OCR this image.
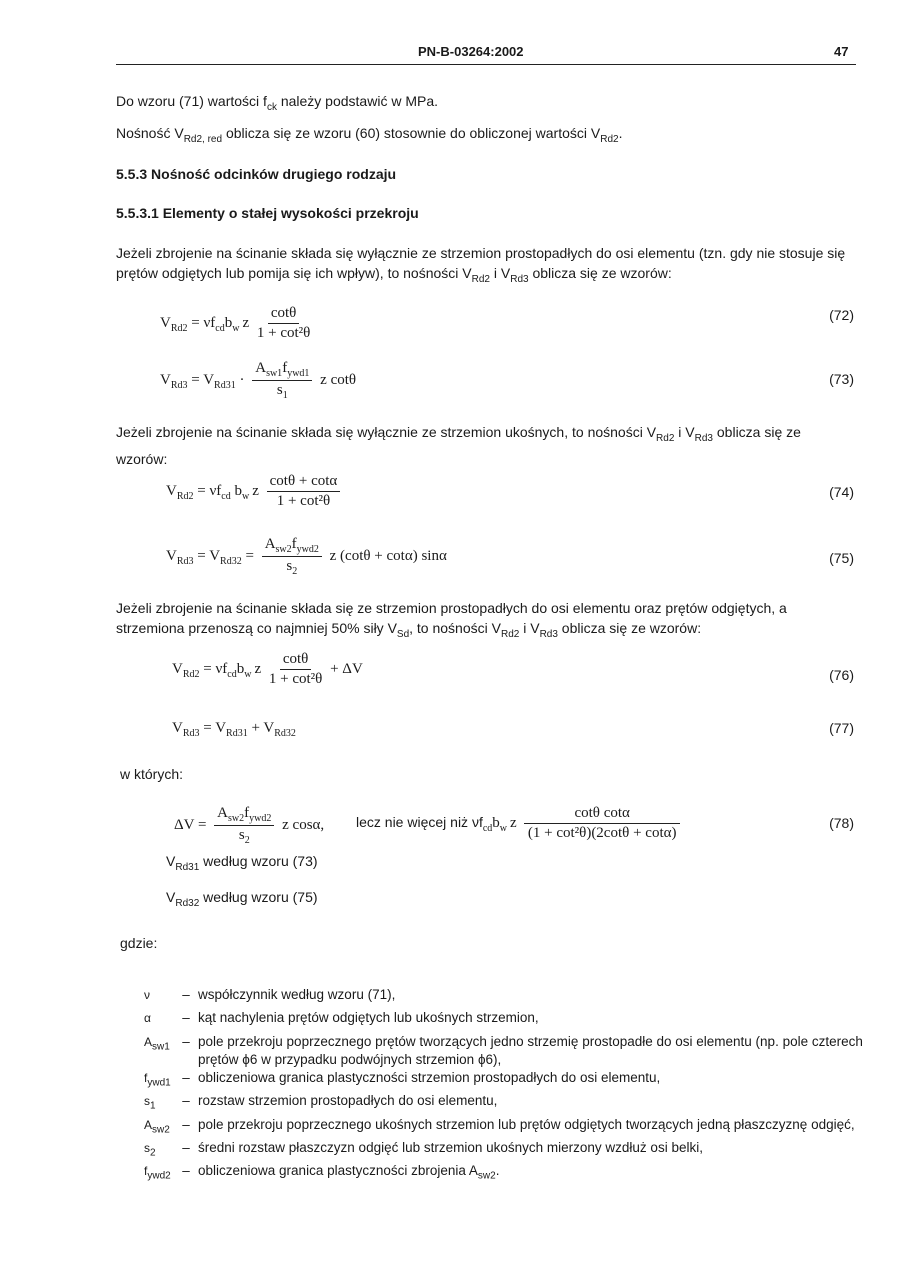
PN-B-03264:2002	47
Do wzoru (71) wartości $f_{ck}$ należy podstawić w MPa.
Nośność $V_{Rd2, red}$ oblicza się ze wzoru (60) stosownie do obliczonej wartości $V_{Rd2}$.
5.5.3 Nośność odcinków drugiego rodzaju
5.5.3.1 Elementy o stałej wysokości przekroju
Jeżeli zbrojenie na ścinanie składa się wyłącznie ze strzemion prostopadłych do osi elementu (tzn. gdy nie stosuje się prętów odgiętych lub pomija się ich wpływ), to nośności $V_{Rd2}$ i $V_{Rd3}$ oblicza się ze wzorów:
$V_{Rd2} = \nu f_{cd}b_w$ z $\frac{\cot\theta}{\text{1 + cot²θ}}$	(72)
$V_{Rd3} = V_{Rd31} \cdot \frac{A_{sw1}f_{ywd1}}{s_1}$ z cotθ	(73)
Jeżeli zbrojenie na ścinanie składa się wyłącznie ze strzemion ukośnych, to nośności $V_{Rd2}$ i $V_{Rd3}$ oblicza się ze wzorów:
$V_{Rd2} = \nu f_{cd}$ $b_w$ z $\frac{\cot\theta + \cot\alpha}{\text{1 + cot²θ}}$	(74)
$V_{Rd3} = V_{Rd32} = \frac{A_{sw2}f_{ywd2}}{s_2}$ z (cotθ + cotα) sinα	(75)
Jeżeli zbrojenie na ścinanie składa się ze strzemion prostopadłych do osi elementu oraz prętów odgiętych, a strzemiona przenoszą co najmniej 50% siły $V_{Sd}$, to nośności $V_{Rd2}$ i $V_{Rd3}$ oblicza się ze wzorów:
$V_{Rd2} = \nu f_{cd}b_w$ z $\frac{\cot\theta}{\text{1 + cot²θ}} + \Delta V$	(76)
$V_{Rd3} = V_{Rd31} + V_{Rd32}$	(77)
w których:
$\Delta V = \frac{A_{sw2}f_{ywd2}}{s_2}$ z cosα, lecz nie więcej niż $\nu f_{cd}b_w$ z $\frac{\text{cotθ cotα}}{\text{(1 + cot²θ)(2cotθ + cotα)}}$	(78)
$V_{Rd31}$ według wzoru (73)
$V_{Rd32}$ według wzoru (75)
gdzie:
ν	– współczynnik według wzoru (71),
α	– kąt nachylenia prętów odgiętych lub ukośnych strzemion,
$A_{sw1}$ – pole przekroju poprzecznego prętów tworzących jedno strzemię prostopadłe do osi elementu (np. pole czterech prętów ϕ6 w przypadku podwójnych strzemion ϕ6),
$f_{ywd1}$ – obliczeniowa granica plastyczności strzemion prostopadłych do osi elementu,
$s_1$	– rozstaw strzemion prostopadłych do osi elementu,
$A_{sw2}$ – pole przekroju poprzecznego ukośnych strzemion lub prętów odgiętych tworzących jedną płaszczyznę odgięć,
$s_2$	– średni rozstaw płaszczyzn odgięć lub strzemion ukośnych mierzony wzdłuż osi belki,
$f_{ywd2}$ – obliczeniowa granica plastyczności zbrojenia $A_{sw2}$.
